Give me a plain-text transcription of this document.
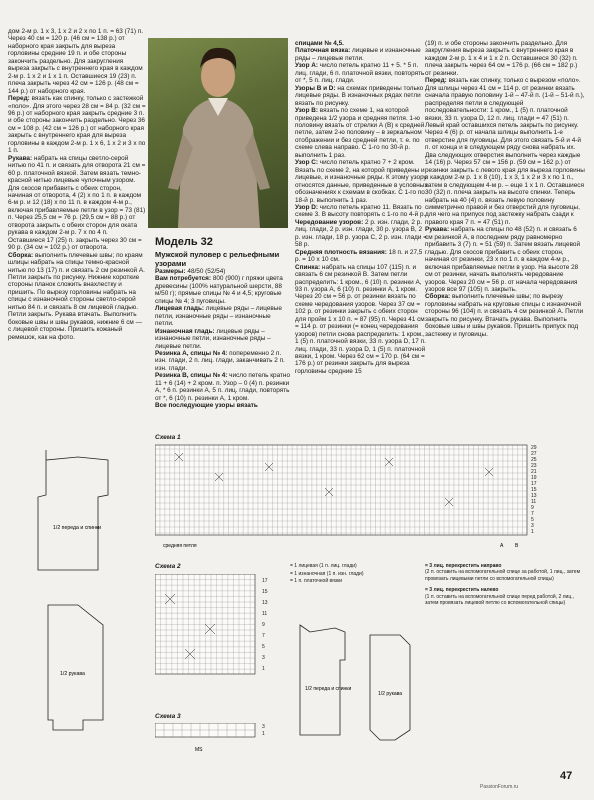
дом 2-м р. 1 х 3, 1 х 2 и 2 х по 1 п. = 63 (71) п. Через 40 см = 120 р. (46 см = 138 р.) от наборного края закрыть для выреза горловины средние 19 п. и обе стороны закончить раздельно. Для закругления выреза закрыть с внутреннего края в каждом 2-м р. 1 х 2 и 1 х 1 п. Оставшиеся 19 (23) п. плеча закрыть через 42 см = 126 р. (48 см = 144 р.) от наборного края.

Перед: вязать как спинку, только с застежкой «поло». Для этого через 28 см = 84 р. (32 см = 96 р.) от наборного края закрыть средние 3 п. и обе стороны закончить раздельно. Через 36 см = 108 р. (42 см = 126 р.) от наборного края закрыть с внутреннего края для выреза горловины в каждом 2-м р. 1 х 6, 1 х 2 и 3 х по 1 п.

Рукава: набрать на спицы светло-серой нитью по 41 п. и связать для отворота 21 см = 60 р. платочной вязкой. Затем вязать темно-красной нитью лицевые чулочным узором. Для скосов прибавить с обеих сторон, начиная от отворота, 4 (2) х по 1 п. в каждом 6-м р. и 12 (18) х по 11 п. в каждом 4-м р., включая прибавляемые петли в узор = 73 (81) п. Через 25,5 см = 76 р. (29,5 см = 88 р.) от отворота закрыть с обеих сторон для оката рукава в каждом 2-м р. 7 х по 4 п. Оставшиеся 17 (25) п. закрыть через 30 см = 90 р. (34 см = 102 р.) от отворота.

Сборка: выполнить плечевые швы; по краям шлицы набрать на спицы темно-красной нитью по 13 (17) п. и связать 2 см резинкой А. Петли закрыть по рисунку. Нижние короткие стороны планок сложить внахлестку и пришить. По вырезу горловины набрать на спицы с изнаночной стороны светло-серой нитью 84 п. и связать 8 см лицевой гладью. Петли закрыть. Рукава втачать. Выполнить боковые швы и швы рукавов, нижние 6 см — с лицевой стороны. Пришить кожаный ремешок, как на фото.

Модель 32
Мужской пуловер с рельефными узорами

Размеры: 48/50 (52/54)

Вам потребуется: 800 (900) г пряжи цвета древесины (100% натуральной шерсти, 88 м/50 г); прямые спицы № 4 и 4,5; круговые спицы № 4; 3 пуговицы.

Лицевая гладь: лицевые ряды – лицевые петли, изнаночные ряды – изнаночные петли.

Изнаночная гладь: лицевые ряды – изнаночные петли, изнаночные ряды – лицевые петли.

Резинка А, спицы № 4: попеременно 2 п. изн. глади, 2 п. лиц. глади, заканчивать 2 п. изн. глади.

Резинка В, спицы № 4: число петель кратно 11 + 6 (14) + 2 кром. п. Узор – 0 (4) п. резинки А, * 6 п. резинки А, 5 п. лиц. глади, повторять от *, 6 (10) п. резинки А, 1 кром.

Все последующие узоры вязать

спицами № 4,5.

Платочная вязка: лицевые и изнаночные ряды – лицевые петли.

Узор А: число петель кратно 11 + 5. * 5 п. лиц. глади, 6 п. платочной вязки, повторять от *, 5 п. лиц. глади.

Узоры В и D: на схемах приведены только лицевые ряды. В изнаночных рядах петли вязать по рисунку.

Узор В: вязать по схеме 1, на которой приведена 1/2 узора и средняя петля. 1-ю половину вязать от стрелки А (В) к средней петле, затем 2-ю половину – в зеркальном отображении и без средней петли, т. е. по схеме слева направо. С 1-го по 30-й р. выполнить 1 раз.

Узор С: число петель кратно 7 + 2 кром. Вязать по схеме 2, на которой приведены и лицевые, и изнаночные ряды. К этому узору относятся данные, приведенные в условных обозначениях к схемам в скобках. С 1-го по 18-й р. выполнить 1 раз.

Узор D: число петель кратно 11. Вязать по схеме 3. В высоту повторять с 1-го по 4-й р.

Чередование узоров: 2 р. изн. глади, 2 р. лиц. глади, 2 р. изн. глади, 30 р. узора В, 2 р. изн. глади, 18 р. узора С, 2 р. изн. глади = 58 р.

Средняя плотность вязания: 18 п. и 27,5 р. = 10 х 10 см.

Спинка: набрать на спицы 107 (115) п. и связать 6 см резинкой В. Затем петли распределить: 1 кром., 6 (10) п. резинки А, 93 п. узора А, 6 (10) п. резинки А, 1 кром. Через 20 см = 56 р. от резинки вязать по схеме чередования узоров. Через 37 см = 102 р. от резинки закрыть с обеих сторон для пройм 1 х 10 п. = 87 (95) п. Через 41 см = 114 р. от резинки (= конец чередования узоров) петли снова распределить: 1 кром., 1 (5) п. платочной вязки, 33 п. узора D, 17 п. лиц. глади, 33 п. узора D, 1 (5) п. платочной вязки, 1 кром. Через 62 см = 170 р. (64 см = 176 р.) от резинки закрыть для выреза горловины средние 15

(19) п. и обе стороны закончить раздельно. Для закругления выреза закрыть с внутреннего края в каждом 2-м р. 1 х 4 и 1 х 2 п. Оставшиеся 30 (32) п. плеча закрыть через 64 см = 176 р. (66 см = 182 р.) от резинки.

Перед: вязать как спинку, только с вырезом «поло». Для шлицы через 41 см = 114 р. от резинки вязать сначала правую половину 1-й – 47-й п. (1-й – 51-й п.), распределяя петли в следующей последовательности: 1 кром., 1 (5) п. платочной вязки, 33 п. узора D, 12 п. лиц. глади = 47 (51) п. Левый край оставшихся петель закрыть по рисунку. Через 4 (6) р. от начала шлицы выполнить 1-е отверстие для пуговицы. Для этого связать 5-й и 4-й п. от конца и в следующем ряду снова набрать их. Два следующих отверстия выполнить через каждые 14 (16) р. Через 57 см = 156 р. (59 см = 162 р.) от резинки закрыть с левого края для выреза горловины в каждом 2-м р. 1 х 8 (10), 1 х 3, 1 х 2 и 3 х по 1 п., затем в следующем 4-м р. – еще 1 х 1 п. Оставшиеся 30 (32) п. плеча закрыть на высоте спинки. Теперь набрать на 40 (4) п. вязать левую половину симметрично правой и без отверстий для пуговицы, для чего на припуск под застежку набрать сзади к правого края 7 п. = 47 (51) п.

Рукава: набрать на спицы по 48 (52) п. и связать 6 см резинкой А, в последнем ряду равномерно прибавить 3 (7) п. = 51 (59) п. Затем вязать лицевой гладью. Для скосов прибавить с обеих сторон, начиная от резинки, 23 х по 1 п. в каждом 4-м р., включая прибавляемые петли в узор. На высоте 28 см от резинки, начать выполнять чередование узоров. Через 20 см = 56 р. от начала чередования узоров все 97 (105) п. закрыть.

Сборка: выполнить плечевые швы; по вырезу горловины набрать на круговые спицы с изнаночной стороны 96 (104) п. и связать 4 см резинкой А. Петли закрыть по рисунку. Втачать рукава. Выполнить боковые швы и швы рукавов. Пришить припуск под застежку и пуговицы.

1/2 переда и спинки
1/2 рукава
Схема 1
средняя петля	А В
29
27
25
23
21
19
17
15
13
11
9
7
5
3
1
Схема 2
17
15
13
11
9
7
5
3
1
Схема 3
MS
3
1
= 1 лицевая (1 п. лиц. глади)
= 1 изнаночная (1 п. изн. глади)
= 1 п. платочной вязки
= 3 лиц. перекрестить направо
(2 п. оставить на вспомогательной спице за работой, 1 лиц., затем провязать лицевыми петли со вспомогательной спицы)
= 3 лиц. перекрестить налево
(1 п. оставить на вспомогательной спице перед работой, 2 лиц., затем провязать лицевой петлю со вспомогательной спицы)
1/2 переда и спинки
1/2 рукава
47
PassionForum.ru
